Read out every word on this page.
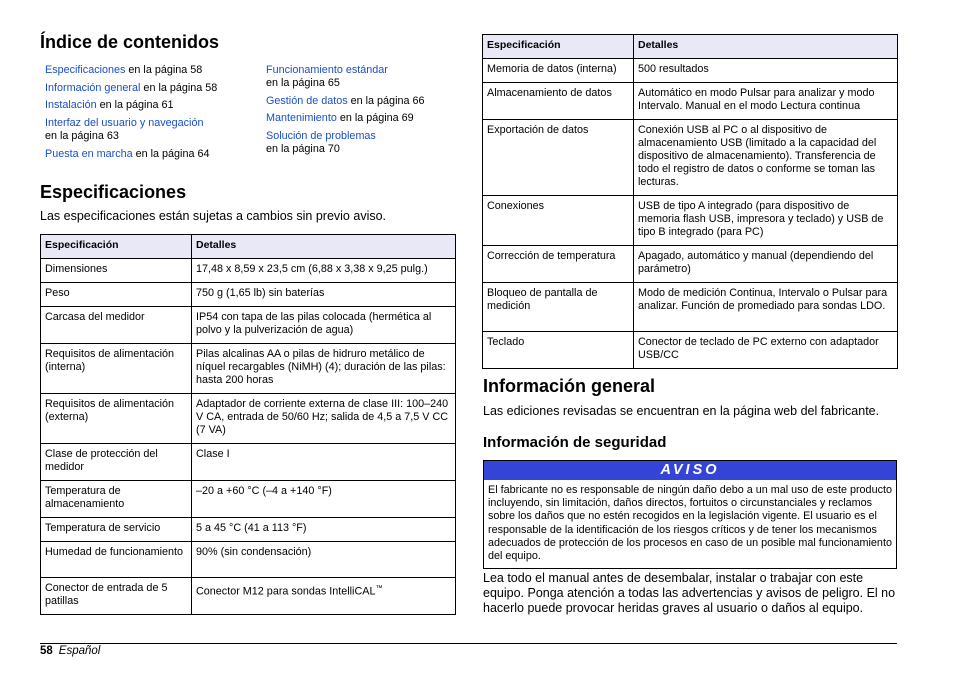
Índice de contenidos
Especificaciones en la página 58
Información general en la página 58
Instalación en la página 61
Interfaz del usuario y navegación
en la página 63
Puesta en marcha en la página 64
Funcionamiento estándar
en la página 65
Gestión de datos en la página 66
Mantenimiento en la página 69
Solución de problemas
en la página 70
Especificaciones

Las especificaciones están sujetas a cambios sin previo aviso.

Especificación	Detalles
Dimensiones	17,48 x 8,59 x 23,5 cm (6,88 x 3,38 x 9,25 pulg.)
Peso	750 g (1,65 lb) sin baterías
Carcasa del medidor	IP54 con tapa de las pilas colocada (hermética al polvo y la pulverización de agua)
Requisitos de alimentación (interna)	Pilas alcalinas AA o pilas de hidruro metálico de níquel recargables (NiMH) (4); duración de las pilas: hasta 200 horas
Requisitos de alimentación (externa)	Adaptador de corriente externa de clase III: 100–240 V CA, entrada de 50/60 Hz; salida de 4,5 a 7,5 V CC (7 VA)
Clase de protección del medidor	Clase I
Temperatura de almacenamiento	–20 a +60 °C (–4 a +140 °F)
Temperatura de servicio	5 a 45 °C (41 a 113 °F)
Humedad de funcionamiento	90% (sin condensación)
Conector de entrada de 5 patillas	Conector M12 para sondas IntelliCAL™
Especificación	Detalles
Memoria de datos (interna)	500 resultados
Almacenamiento de datos	Automático en modo Pulsar para analizar y modo Intervalo. Manual en el modo Lectura continua
Exportación de datos	Conexión USB al PC o al dispositivo de almacenamiento USB (limitado a la capacidad del dispositivo de almacenamiento). Transferencia de todo el registro de datos o conforme se toman las lecturas.
Conexiones	USB de tipo A integrado (para dispositivo de memoria flash USB, impresora y teclado) y USB de tipo B integrado (para PC)
Corrección de temperatura	Apagado, automático y manual (dependiendo del parámetro)
Bloqueo de pantalla de medición	Modo de medición Continua, Intervalo o Pulsar para analizar. Función de promediado para sondas LDO.
Teclado	Conector de teclado de PC externo con adaptador USB/CC
Información general

Las ediciones revisadas se encuentran en la página web del fabricante.

Información de seguridad
AVISO
El fabricante no es responsable de ningún daño debo a un mal uso de este producto incluyendo, sin limitación, daños directos, fortuitos o circunstanciales y reclamos sobre los daños que no estén recogidos en la legislación vigente. El usuario es el responsable de la identificación de los riesgos críticos y de tener los mecanismos adecuados de protección de los procesos en caso de un posible mal funcionamiento del equipo.

Lea todo el manual antes de desembalar, instalar o trabajar con este equipo. Ponga atención a todas las advertencias y avisos de peligro. El no hacerlo puede provocar heridas graves al usuario o daños al equipo.

58 Español
